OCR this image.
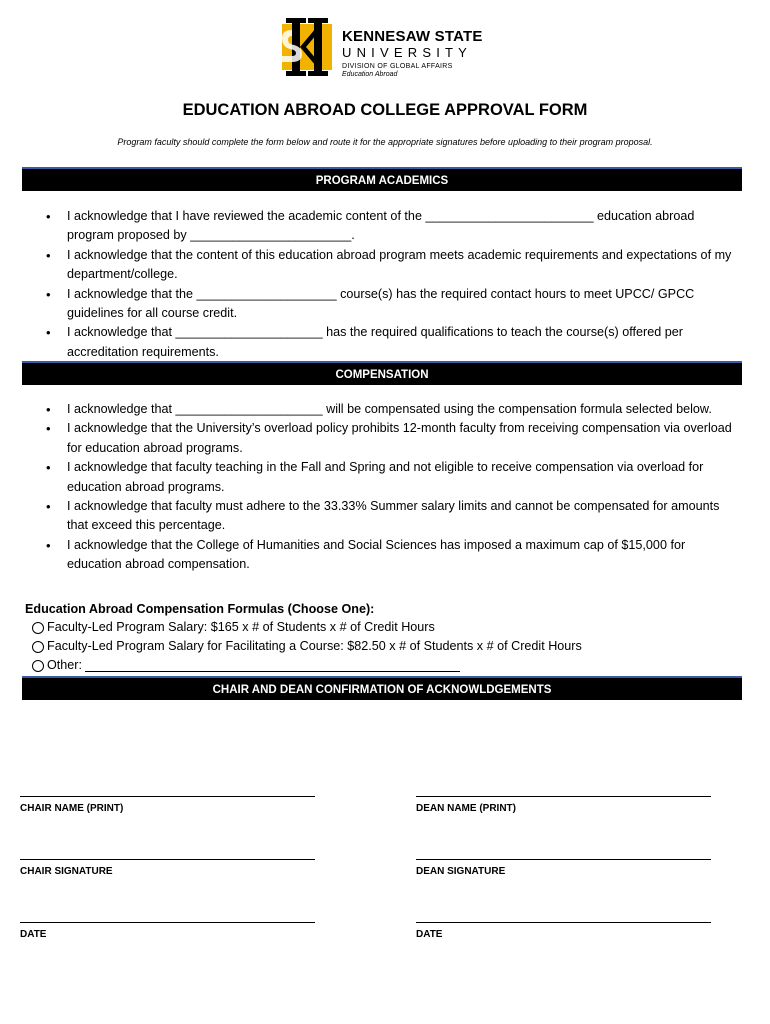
KENNESAW STATE
UNIVERSITY
DIVISION OF GLOBAL AFFAIRS
Education Abroad
EDUCATION ABROAD COLLEGE APPROVAL FORM
Program faculty should complete the form below and route it for the appropriate signatures before uploading to their program proposal.
PROGRAM ACADEMICS
• I acknowledge that I have reviewed the academic content of the ________________________ education abroad program proposed by _______________________.
• I acknowledge that the content of this education abroad program meets academic requirements and expectations of my department/college.
• I acknowledge that the ____________________ course(s) has the required contact hours to meet UPCC/ GPCC guidelines for all course credit.
• I acknowledge that _____________________ has the required qualifications to teach the course(s) offered per accreditation requirements.
COMPENSATION
• I acknowledge that _____________________ will be compensated using the compensation formula selected below.
• I acknowledge that the University’s overload policy prohibits 12-month faculty from receiving compensation via overload for education abroad programs.
• I acknowledge that faculty teaching in the Fall and Spring and not eligible to receive compensation via overload for education abroad programs.
• I acknowledge that faculty must adhere to the 33.33% Summer salary limits and cannot be compensated for amounts that exceed this percentage.
• I acknowledge that the College of Humanities and Social Sciences has imposed a maximum cap of $15,000 for education abroad compensation.
Education Abroad Compensation Formulas (Choose One):
Faculty-Led Program Salary: $165 x # of Students x # of Credit Hours
Faculty-Led Program Salary for Facilitating a Course: $82.50 x # of Students x # of Credit Hours
Other:
CHAIR AND DEAN CONFIRMATION OF ACKNOWLDGEMENTS
CHAIR NAME (PRINT)	DEAN NAME (PRINT)
CHAIR SIGNATURE	DEAN SIGNATURE
DATE	DATE
